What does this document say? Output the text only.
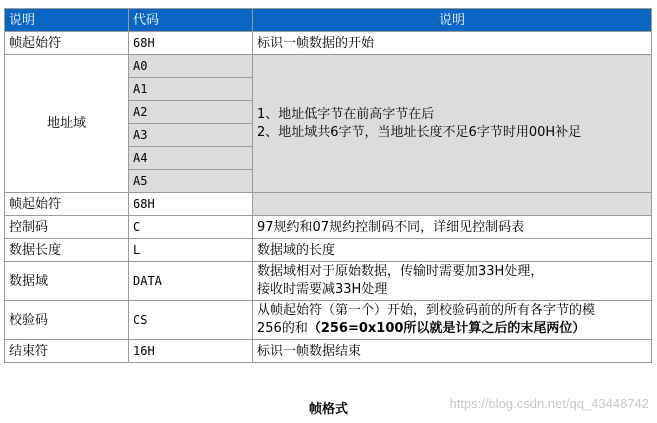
说明	代码	说明
帧起始符	68H	标识一帧数据的开始
地址域	A0	1、地址低字节在前高字节在后
2、地址域共6字节，当地址长度不足6字节时用00H补足

	A1	
	A2	
	A3	
	A4	
	A5	
帧起始符	68H	
控制码	C	97规约和07规约控制码不同，详细见控制码表
数据长度	L	数据域的长度
数据域	DATA	数据域相对于原始数据，传输时需要加33H处理，
接收时需要减33H处理

校验码	CS	从帧起始符（第一个）开始，到校验码前的所有各字节的模
256的和（256=0x100所以就是计算之后的末尾两位）

结束符	16H	标识一帧数据结束
帧格式	https://blog.csdn.net/qq_43448742
